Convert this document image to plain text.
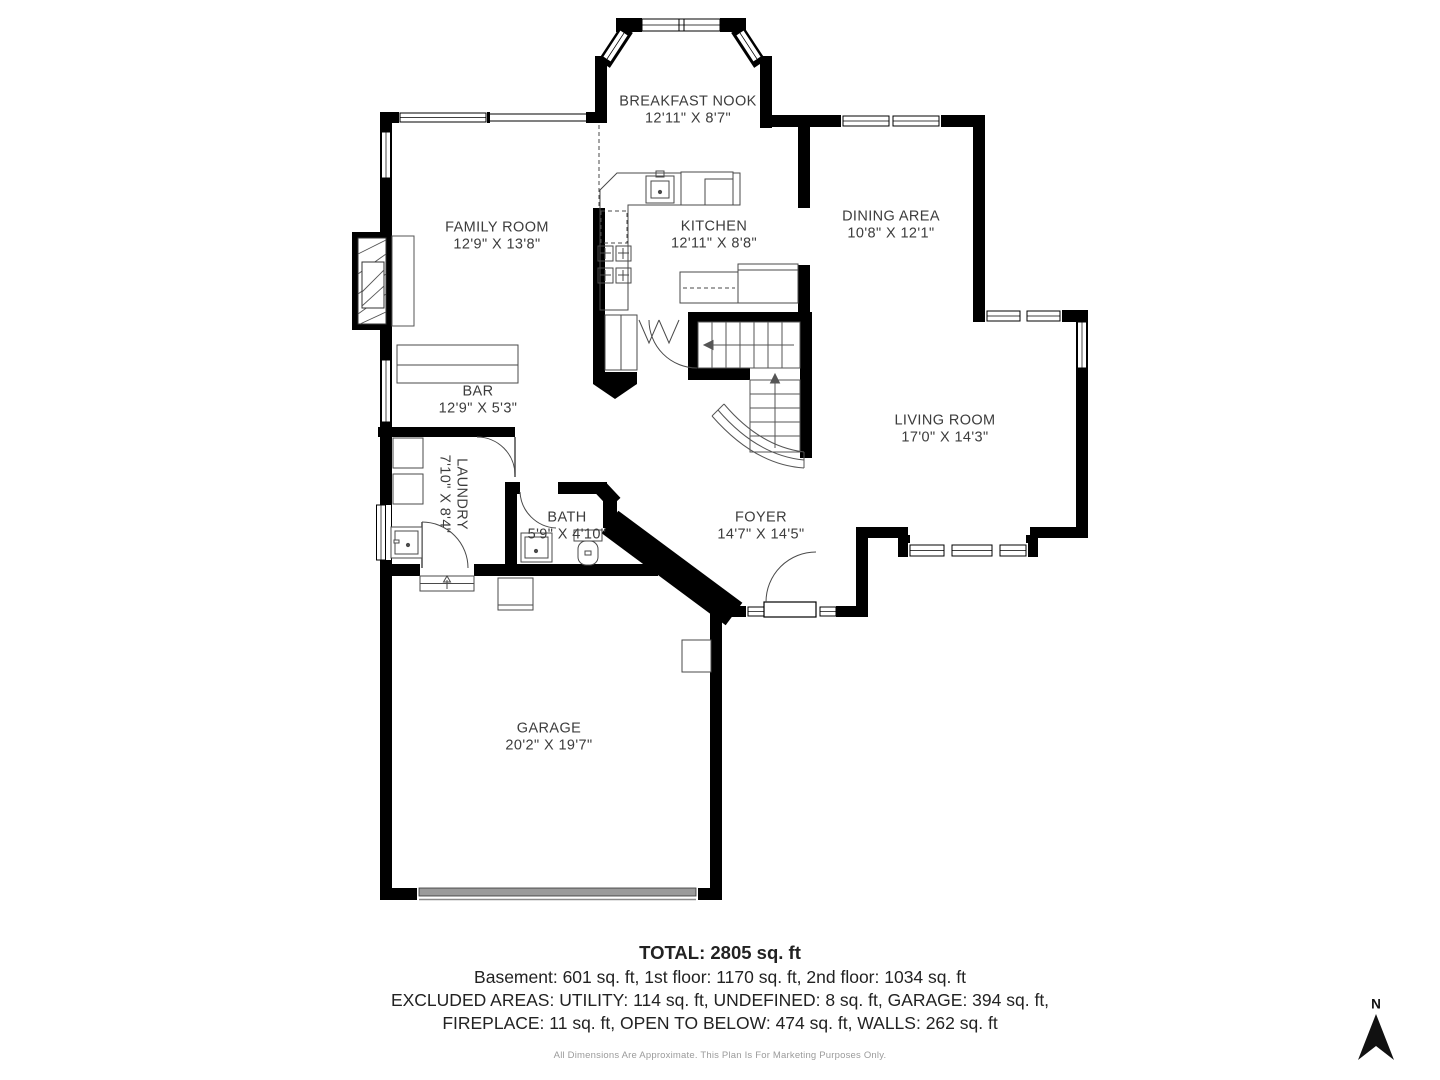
BREAKFAST NOOK
12'11" X 8'7"
FAMILY ROOM
12'9" X 13'8"
KITCHEN
12'11" X 8'8"
DINING AREA
10'8" X 12'1"
BAR
12'9" X 5'3"
LIVING ROOM
17'0" X 14'3"
LAUNDRY
7'10" X 8'4"	BATH
5'9" X 4'10"
FOYER
14'7" X 14'5"
GARAGE
20'2" X 19'7"
TOTAL: 2805 sq. ft
Basement: 601 sq. ft, 1st floor: 1170 sq. ft, 2nd floor: 1034 sq. ft
EXCLUDED AREAS: UTILITY: 114 sq. ft, UNDEFINED: 8 sq. ft, GARAGE: 394 sq. ft,
FIREPLACE: 11 sq. ft, OPEN TO BELOW: 474 sq. ft, WALLS: 262 sq. ft
All Dimensions Are Approximate. This Plan Is For Marketing Purposes Only.
N
